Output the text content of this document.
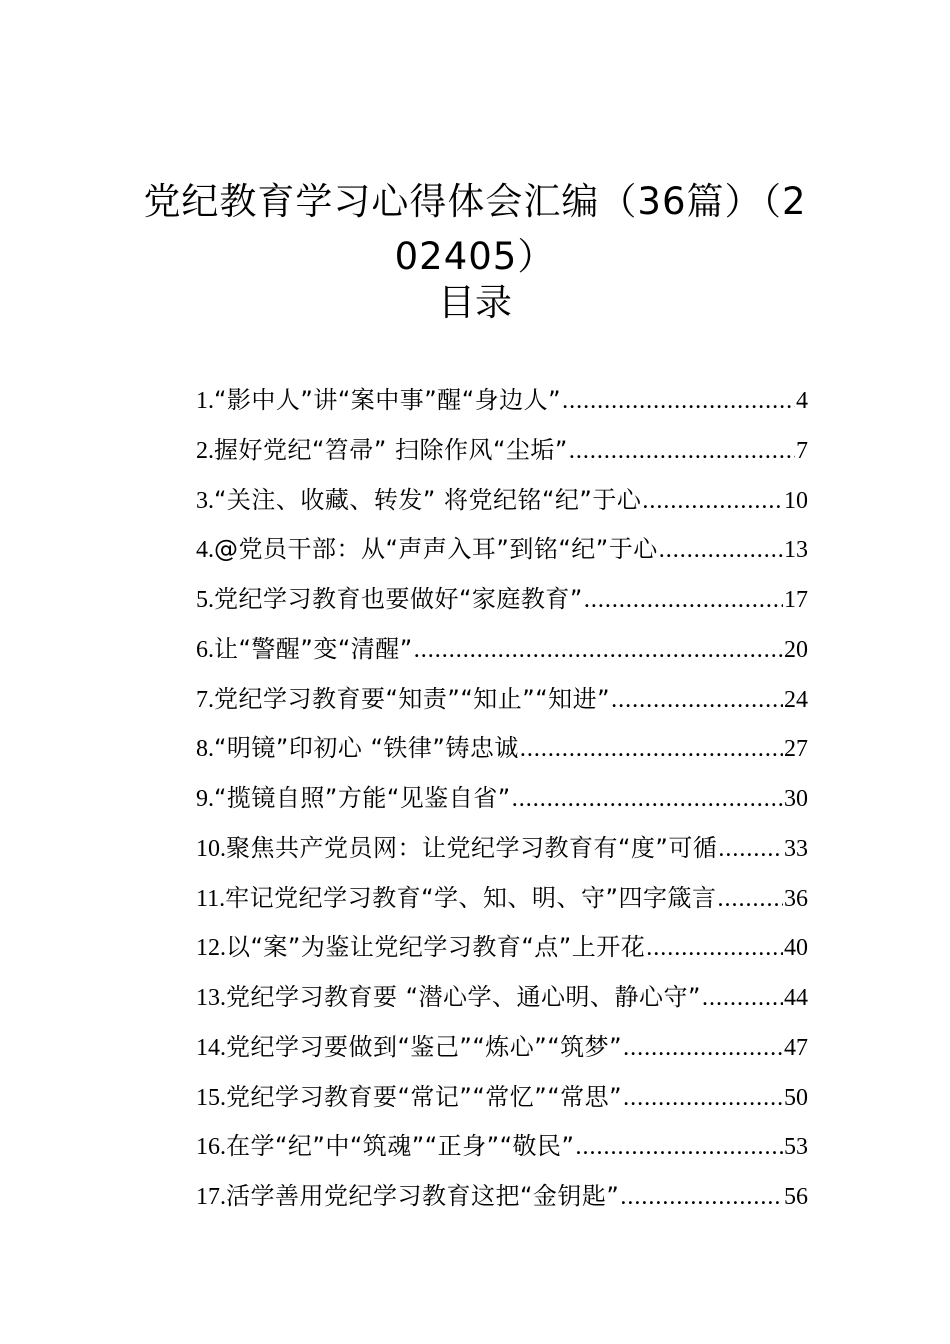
党纪教育学习心得体会汇编（36篇）（2
02405）
目录
1. “影中人”讲“案中事”醒“身边人” .....	4
2. 握好党纪“笤帚” 扫除作风“尘垢” .....	7
3. “关注、收藏、转发” 将党纪铭“纪”于心 .....	10
4. @党员干部：从“声声入耳”到铭“纪”于心 .....	13
5. 党纪学习教育也要做好“家庭教育” .....	17
6. 让“警醒”变“清醒” .....	20
7. 党纪学习教育要“知责”“知止”“知进” .....	24
8. “明镜”印初心 “铁律”铸忠诚 .....	27
9. “揽镜自照”方能“见鉴自省” .....	30
10. 聚焦共产党员网：让党纪学习教育有“度”可循 .....	33
11. 牢记党纪学习教育“学、知、明、守”四字箴言 .....	36
12. 以“案”为鉴让党纪学习教育“点”上开花 .....	40
13. 党纪学习教育要 “潜心学、通心明、静心守” .....	44
14. 党纪学习要做到“鉴己”“炼心”“筑梦” .....	47
15. 党纪学习教育要“常记”“常忆”“常思” .....	50
16. 在学“纪”中“筑魂”“正身”“敬民” .....	53
17. 活学善用党纪学习教育这把“金钥匙” .....	56
